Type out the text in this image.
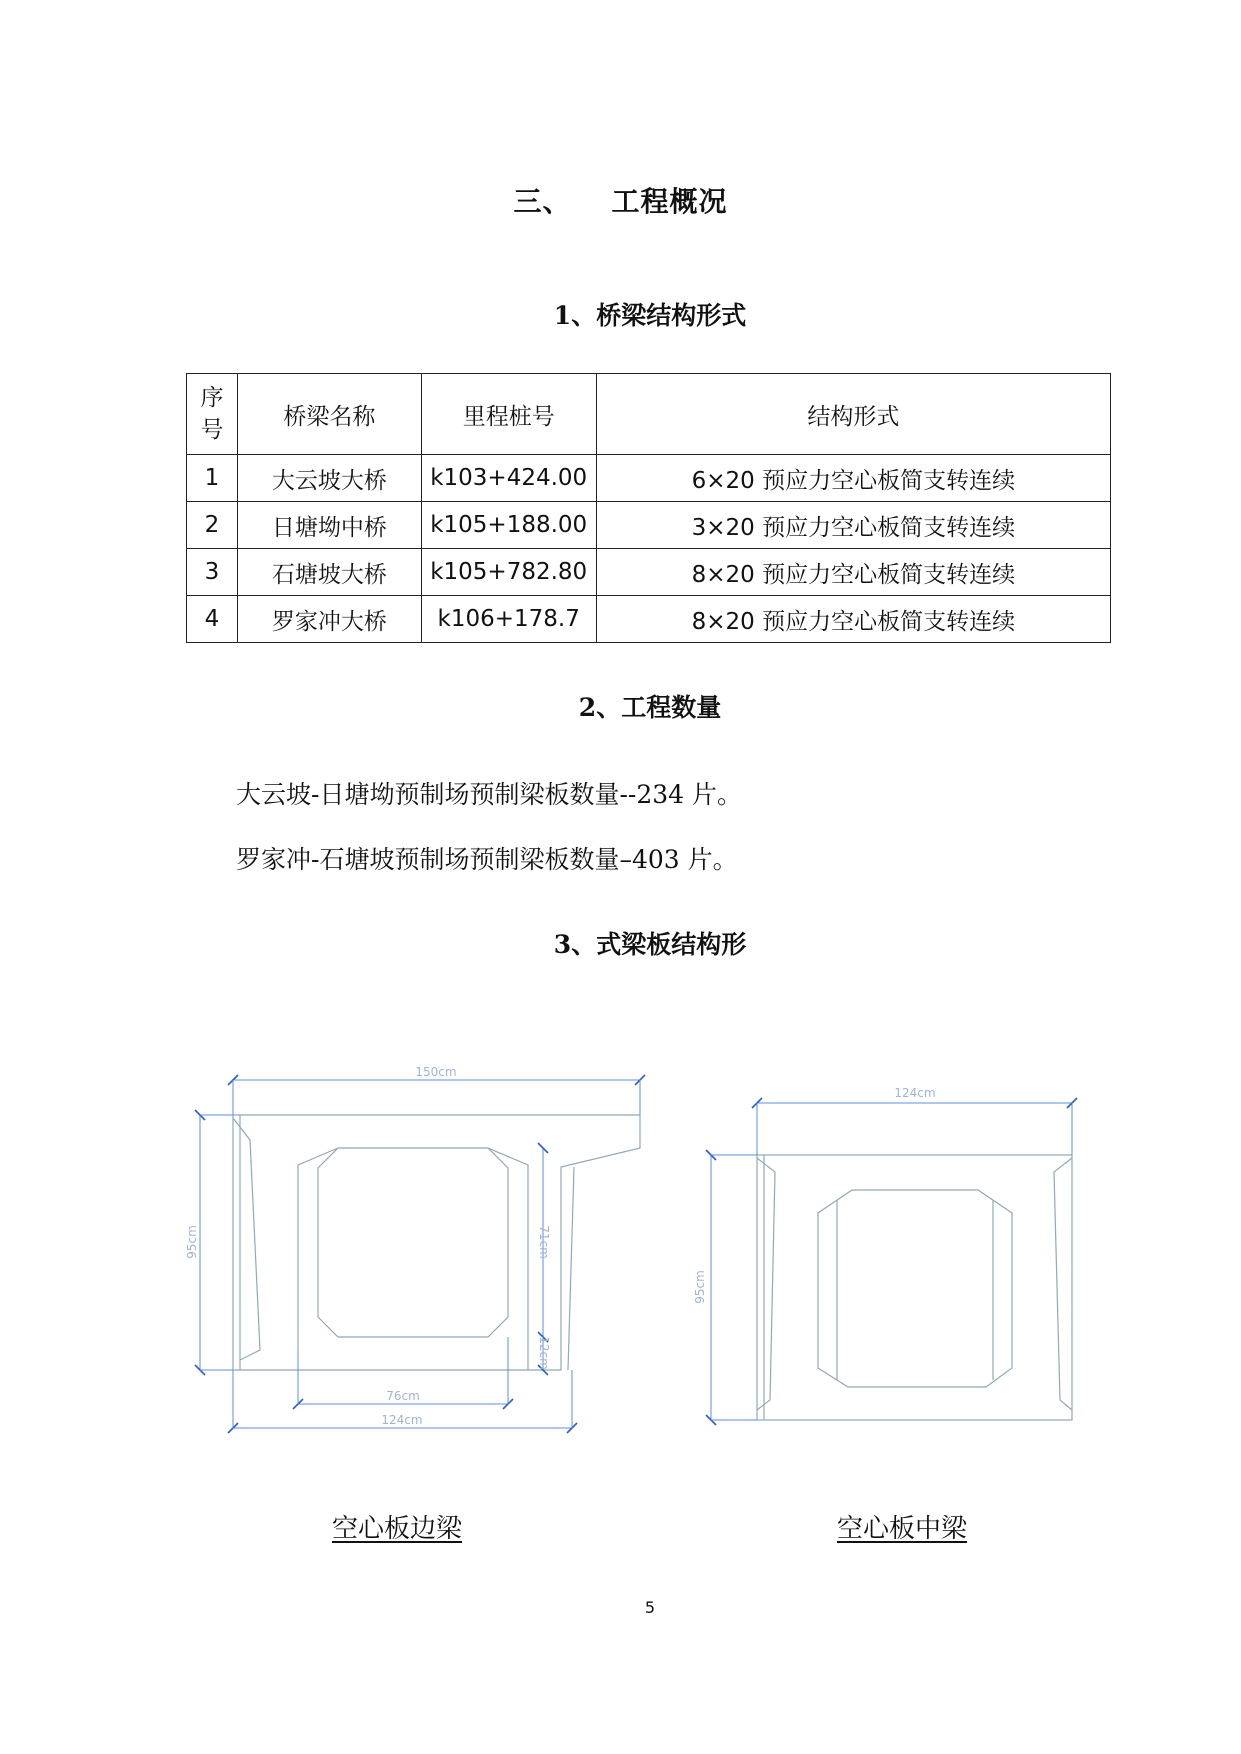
三、 工程概况
1、桥梁结构形式
序号	桥梁名称	里程桩号	结构形式
1	大云坡大桥	k103+424.00	6×20 预应力空心板简支转连续
2	日塘坳中桥	k105+188.00	3×20 预应力空心板简支转连续
3	石塘坡大桥	k105+782.80	8×20 预应力空心板简支转连续
4	罗家冲大桥	k106+178.7	8×20 预应力空心板简支转连续
2、工程数量
大云坡-日塘坳预制场预制梁板数量--234 片。
罗家冲-石塘坡预制场预制梁板数量–403 片。
3、式梁板结构形
150cm
95cm	71cm
12cm
76cm
124cm
124cm
95cm
空心板边梁	空心板中梁
5
